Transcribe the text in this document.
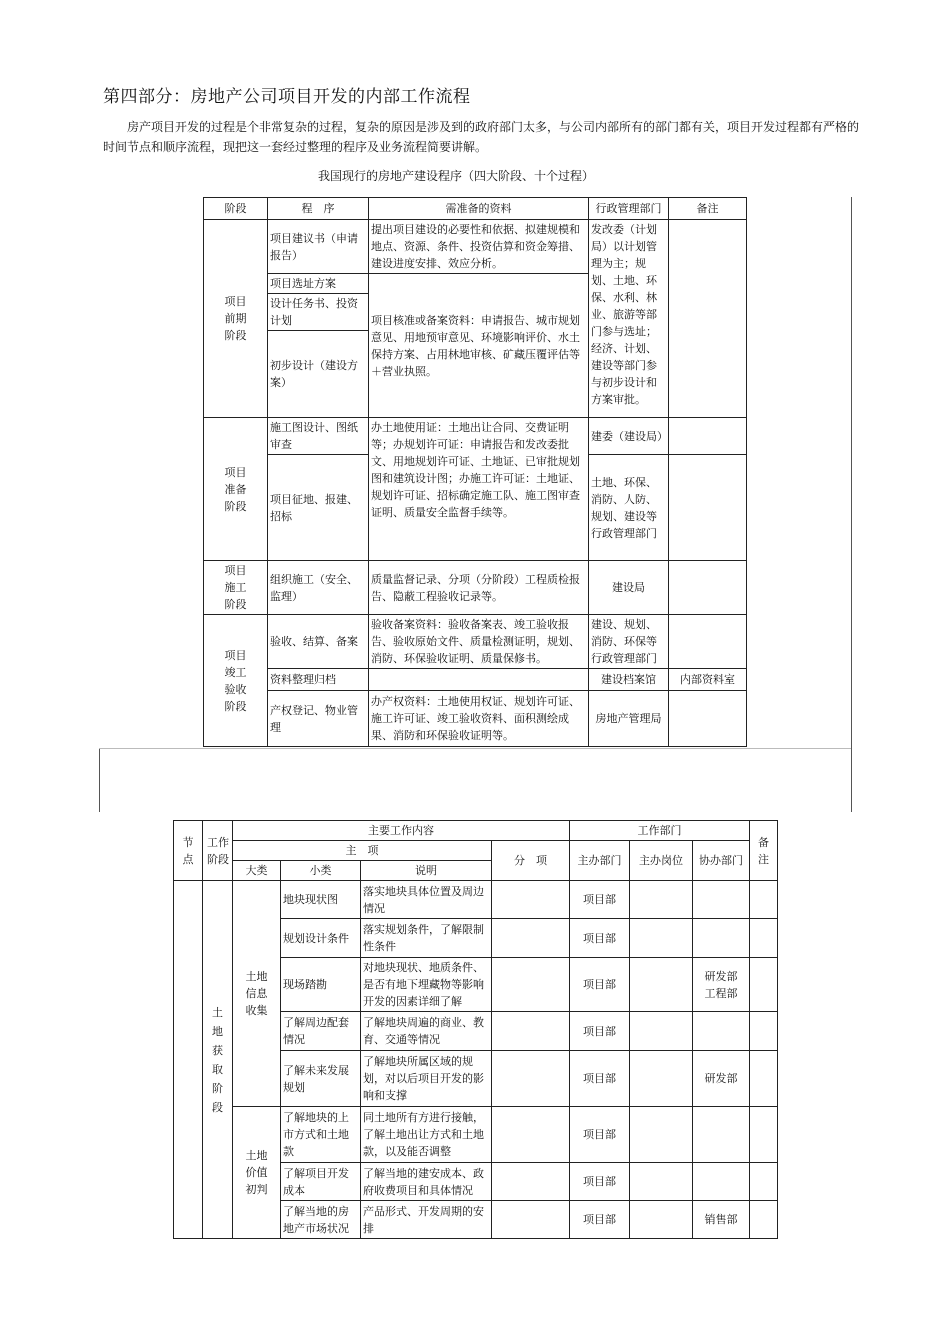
第四部分：房地产公司项目开发的内部工作流程
房产项目开发的过程是个非常复杂的过程，复杂的原因是涉及到的政府部门太多，与公司内部所有的部门都有关，项目开发过程都有严格的时间节点和顺序流程，现把这一套经过整理的程序及业务流程简要讲解。
我国现行的房地产建设程序（四大阶段、十个过程）
阶段	程　序	需准备的资料	行政管理部门	备注
项目前期阶段	项目建议书（申请报告）	提出项目建设的必要性和依据、拟建规模和地点、资源、条件、投资估算和资金筹措、建设进度安排、效应分析。	发改委（计划局）以计划管理为主；规划、土地、环保、水利、林业、旅游等部门参与选址；经济、计划、建设等部门参与初步设计和方案审批。	
	项目选址方案	项目核准或备案资料：申请报告、城市规划意见、用地预审意见、环境影响评价、水土保持方案、占用林地审核、矿藏压覆评估等＋营业执照。		
	设计任务书、投资计划			
	初步设计（建设方案）			
项目准备阶段	施工图设计、图纸审查	办土地使用证：土地出让合同、交费证明等；办规划许可证：申请报告和发改委批文、用地规划许可证、土地证、已审批规划图和建筑设计图；办施工许可证：土地证、规划许可证、招标确定施工队、施工图审查证明、质量安全监督手续等。	建委（建设局）	
	项目征地、报建、招标		土地、环保、消防、人防、规划、建设等行政管理部门	
项目施工阶段	组织施工（安全、监理）	质量监督记录、分项（分阶段）工程质检报告、隐蔽工程验收记录等。	建设局	
项目竣工验收阶段	验收、结算、备案	验收备案资料：验收备案表、竣工验收报告、验收原始文件、质量检测证明，规划、消防、环保验收证明、质量保修书。	建设、规划、消防、环保等行政管理部门	
	资料整理归档		建设档案馆	内部资料室
	产权登记、物业管理	办产权资料：土地使用权证、规划许可证、施工许可证、竣工验收资料、面积测绘成果、消防和环保验收证明等。	房地产管理局	
节点	工作阶段	主要工作内容				工作部门			备注
		主　项			分　项	主办部门	主办岗位	协办部门	
		大类	小类	说明					
	土地获取阶段	土地信息收集	地块现状图	落实地块具体位置及周边情况		项目部			
			规划设计条件	落实规划条件，了解限制性条件		项目部			
			现场踏勘	对地块现状、地质条件、是否有地下埋藏物等影响开发的因素详细了解		项目部		研发部工程部	
			了解周边配套情况	了解地块周遍的商业、教育、交通等情况		项目部			
			了解未来发展规划	了解地块所属区域的规划，对以后项目开发的影响和支撑		项目部		研发部	
		土地价值初判	了解地块的上市方式和土地款	同土地所有方进行接触，了解土地出让方式和土地款，以及能否调整		项目部			
			了解项目开发成本	了解当地的建安成本、政府收费项目和具体情况		项目部			
			了解当地的房地产市场状况	产品形式、开发周期的安排		项目部		销售部	
